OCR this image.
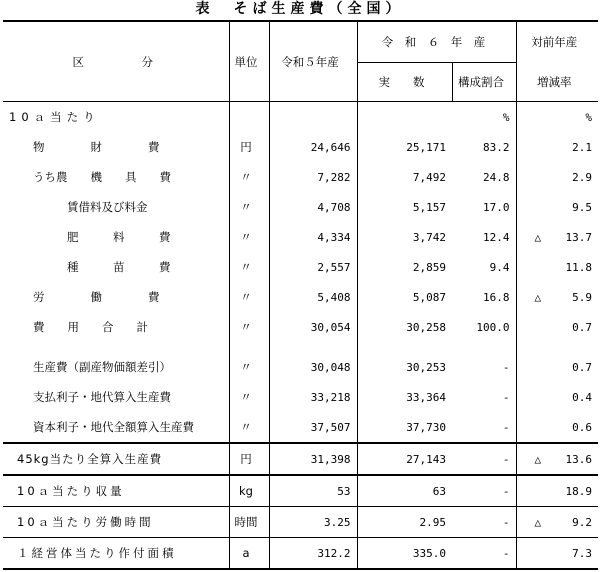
表　そば生産費（全国）
区　　　　　分	単位	令和５年産	令　和　６　年　産		対前年産
			実　　数	構成割合	増減率
10ａ当たり				%	%
物　　　　財　　　　費	円	24,646	25,171	83.2	2.1
うち農　　機　　具　　費	〃	7,282	7,492	24.8	2.9
賃借料及び料金	〃	4,708	5,157	17.0	9.5
肥　　　料　　　費	〃	4,334	3,742	12.4	△ 13.7

種　　　苗　　　費	〃	2,557	2,859	9.4	11.8
労　　　　働　　　　費	〃	5,408	5,087	16.8	△ 5.9

費　　用　　合　　計	〃	30,054	30,258	100.0	0.7

生産費（副産物価額差引）	〃	30,048	30,253	-	0.7
支払利子・地代算入生産費	〃	33,218	33,364	-	0.4
資本利子・地代全額算入生産費	〃	37,507	37,730	-	0.6
45kg当たり全算入生産費	円	31,398	27,143	-	△ 13.6

10ａ当たり収量	kg	53	63	-	18.9
10ａ当たり労働時間	時間	3.25	2.95	-	△ 9.2

１経営体当たり作付面積	a	312.2	335.0	-	7.3
